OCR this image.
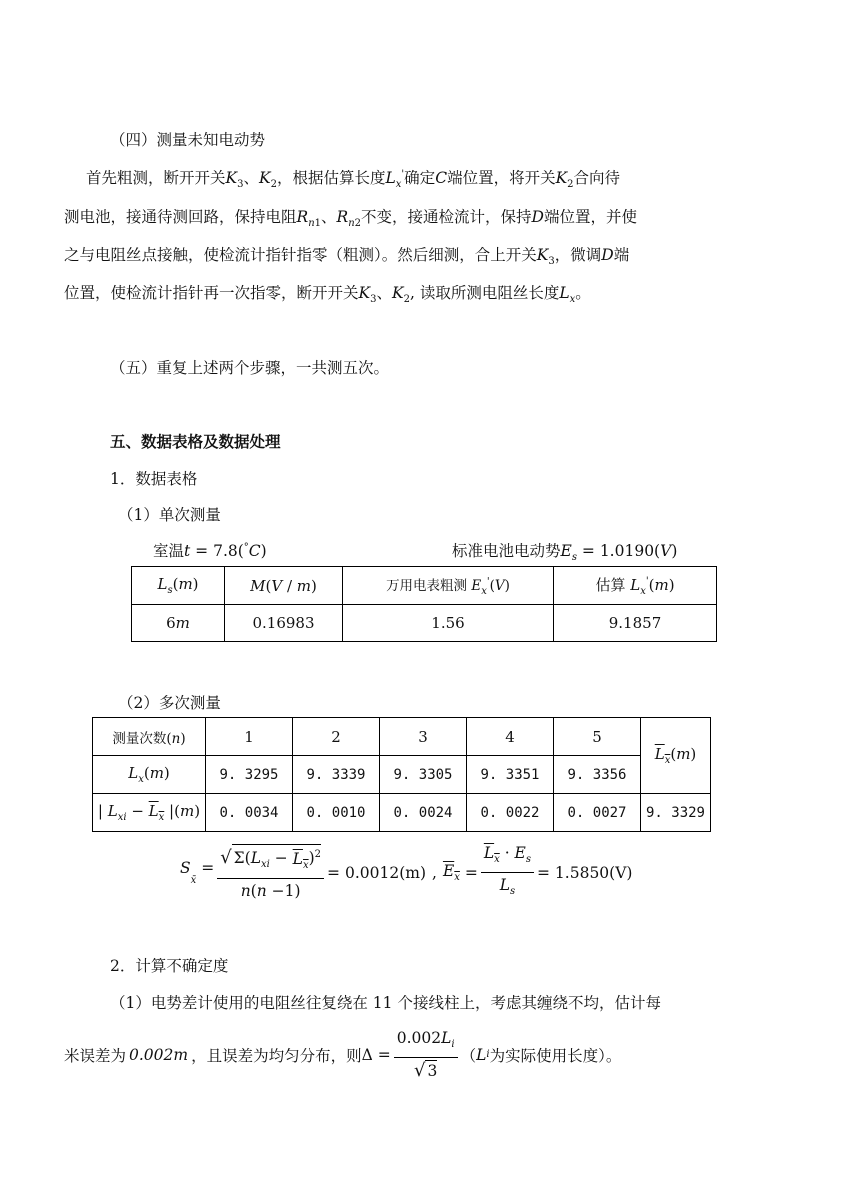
（四）测量未知电动势
首先粗测，断开开关$K_3$、$K_2$，根据估算长度$L_x'$确定C端位置，将开关$K_2$合向待
测电池，接通待测回路，保持电阻$R_{n1}$、$R_{n2}$不变，接通检流计，保持D端位置，并使
之与电阻丝点接触，使检流计指针指零（粗测）。然后细测，合上开关$K_3$，微调D端
位置，使检流计指针再一次指零，断开开关$K_3$、$K_2$, 读取所测电阻丝长度$L_x$。
（五）重复上述两个步骤，一共测五次。
五、数据表格及数据处理
1．数据表格
（1）单次测量
室温t = 7.8(°C)	标准电池电动势$E_s = 1.0190(V)$
$L_s(m)$	M(V / m)	万用电表粗测 $E_x'(V)$	估算 $L_x'(m)$
6m	0.16983	1.56	9.1857
（2）多次测量
测量次数(n)	1	2	3	4	5	$L_x(m)$
$L_x(m)$	9. 3295	9. 3339	9. 3305	9. 3351	9. 3356	
| $L_{xi} - L_x$ |(m)	0. 0034	0. 0010	0. 0024	0. 0022	0. 0027	9. 3329
$S_{x̄} = \frac{√ \Sigma(L_{xi} - L_x)^2}{n(n -1)} = 0.0012(m)$ , $E_x = \frac{L_x \cdot E_s}{L_s} = 1.5850(V)$
2．计算不确定度
（1）电势差计使用的电阻丝往复绕在 11 个接线柱上，考虑其缠绕不均，估计每
米误差为 0.002m ，且误差为均匀分布，则 $\Delta = \frac{0.002L_i}{√ 3}$ （ L i 为实际使用长度）。
